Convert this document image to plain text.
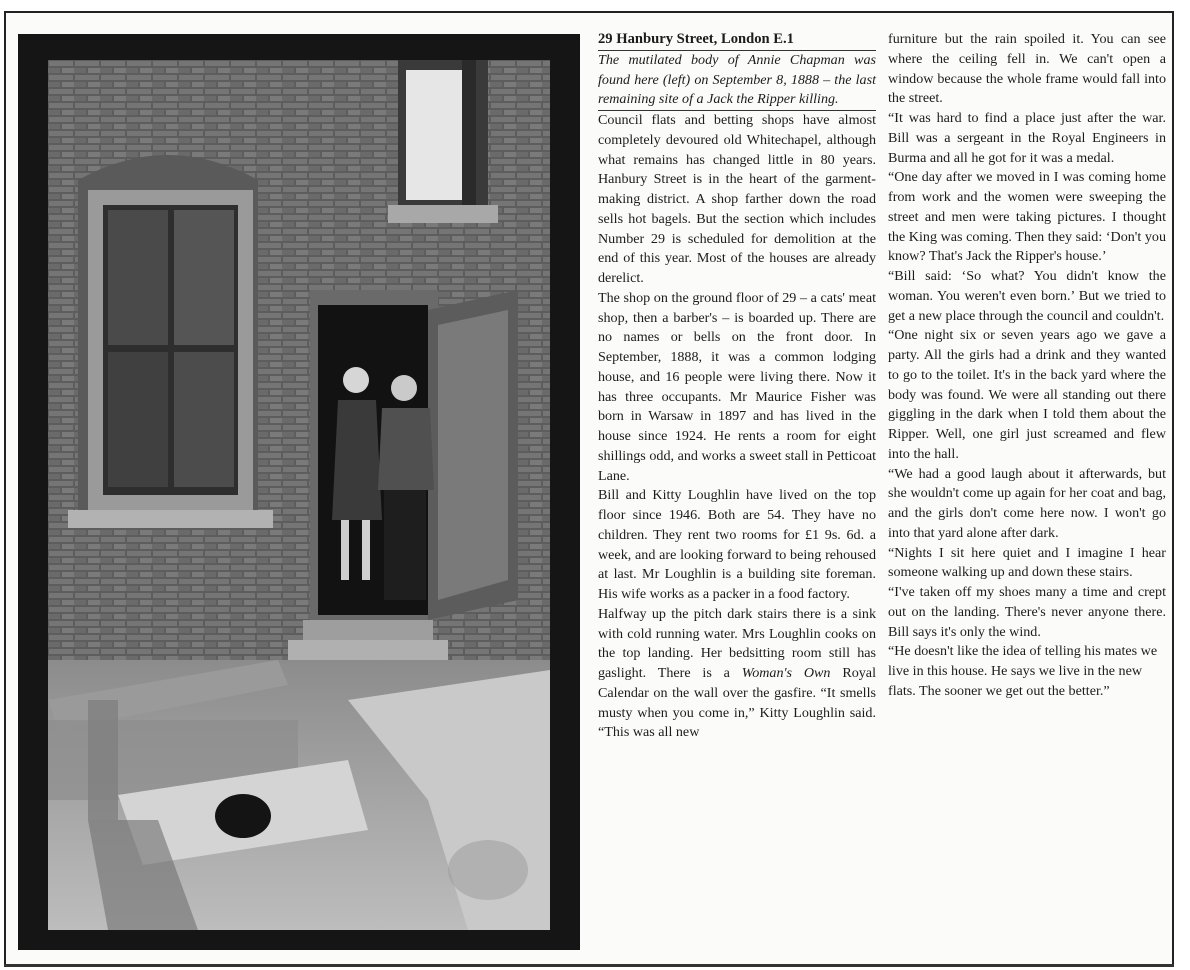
29 Hanbury Street, London E.1

The mutilated body of Annie Chapman was found here (left) on September 8, 1888 – the last remaining site of a Jack the Ripper killing.

Council flats and betting shops have almost completely devoured old Whitechapel, although what remains has changed little in 80 years. Hanbury Street is in the heart of the garment-making district. A shop farther down the road sells hot bagels. But the section which includes Number 29 is scheduled for demolition at the end of this year. Most of the houses are already derelict.

The shop on the ground floor of 29 – a cats' meat shop, then a barber's – is boarded up. There are no names or bells on the front door. In September, 1888, it was a common lodging house, and 16 people were living there. Now it has three occupants. Mr Maurice Fisher was born in Warsaw in 1897 and has lived in the house since 1924. He rents a room for eight shillings odd, and works a sweet stall in Petticoat Lane.

Bill and Kitty Loughlin have lived on the top floor since 1946. Both are 54. They have no children. They rent two rooms for £1 9s. 6d. a week, and are looking forward to being rehoused at last. Mr Loughlin is a building site foreman. His wife works as a packer in a food factory.

Halfway up the pitch dark stairs there is a sink with cold running water. Mrs Loughlin cooks on the top landing. Her bedsitting room still has gaslight. There is a Woman's Own Royal Calendar on the wall over the gasfire. “It smells musty when you come in,” Kitty Loughlin said. “This was all new

furniture but the rain spoiled it. You can see where the ceiling fell in. We can't open a window because the whole frame would fall into the street.

“It was hard to find a place just after the war. Bill was a sergeant in the Royal Engineers in Burma and all he got for it was a medal.

“One day after we moved in I was coming home from work and the women were sweeping the street and men were taking pictures. I thought the King was coming. Then they said: ‘Don't you know? That's Jack the Ripper's house.’

“Bill said: ‘So what? You didn't know the woman. You weren't even born.’ But we tried to get a new place through the council and couldn't.

“One night six or seven years ago we gave a party. All the girls had a drink and they wanted to go to the toilet. It's in the back yard where the body was found. We were all standing out there giggling in the dark when I told them about the Ripper. Well, one girl just screamed and flew into the hall.

“We had a good laugh about it afterwards, but she wouldn't come up again for her coat and bag, and the girls don't come here now. I won't go into that yard alone after dark.

“Nights I sit here quiet and I imagine I hear someone walking up and down these stairs.

“I've taken off my shoes many a time and crept out on the landing. There's never anyone there. Bill says it's only the wind.

“He doesn't like the idea of telling his mates we live in this house. He says we live in the new flats. The sooner we get out the better.”
